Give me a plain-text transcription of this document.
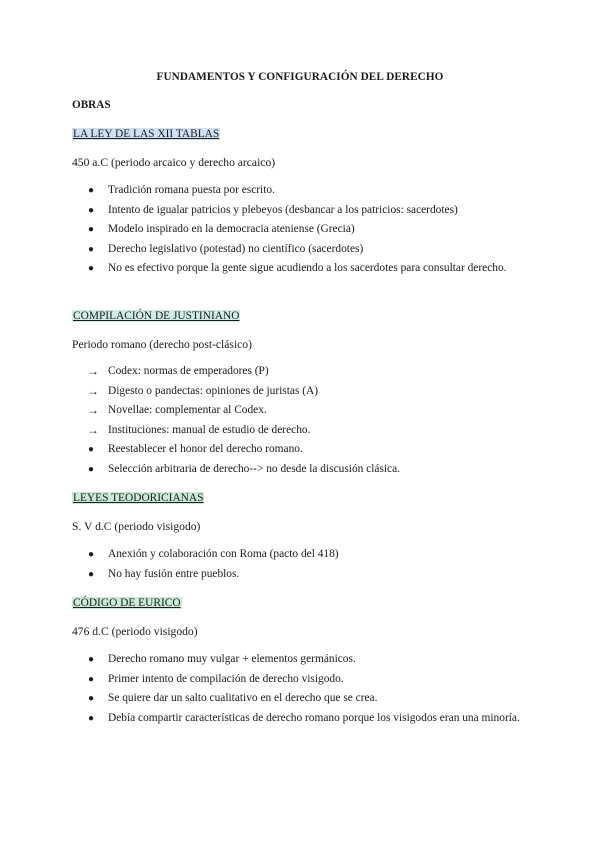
FUNDAMENTOS Y CONFIGURACIÓN DEL DERECHO
OBRAS
LA LEY DE LAS XII TABLAS
450 a.C (periodo arcaico y derecho arcaico)
● Tradición romana puesta por escrito.
● Intento de igualar patricios y plebeyos (desbancar a los patricios: sacerdotes)
● Modelo inspirado en la democracia ateniense (Grecia)
● Derecho legislativo (potestad) no científico (sacerdotes)
● No es efectivo porque la gente sigue acudiendo a los sacerdotes para consultar derecho.
COMPILACIÓN DE JUSTINIANO
Periodo romano (derecho post-clásico)
→ Codex: normas de emperadores (P)
→ Digesto o pandectas: opiniones de juristas (A)
→ Novellae: complementar al Codex.
→ Instituciones: manual de estudio de derecho.
● Reestablecer el honor del derecho romano.
● Selección arbitraria de derecho--> no desde la discusión clásica.
LEYES TEODORICIANAS
S. V d.C (periodo visigodo)
● Anexión y colaboración con Roma (pacto del 418)
● No hay fusión entre pueblos.
CÓDIGO DE EURICO
476 d.C (periodo visigodo)
● Derecho romano muy vulgar + elementos germánicos.
● Primer intento de compilación de derecho visigodo.
● Se quiere dar un salto cualitativo en el derecho que se crea.
● Debía compartir características de derecho romano porque los visigodos eran una minoría.
